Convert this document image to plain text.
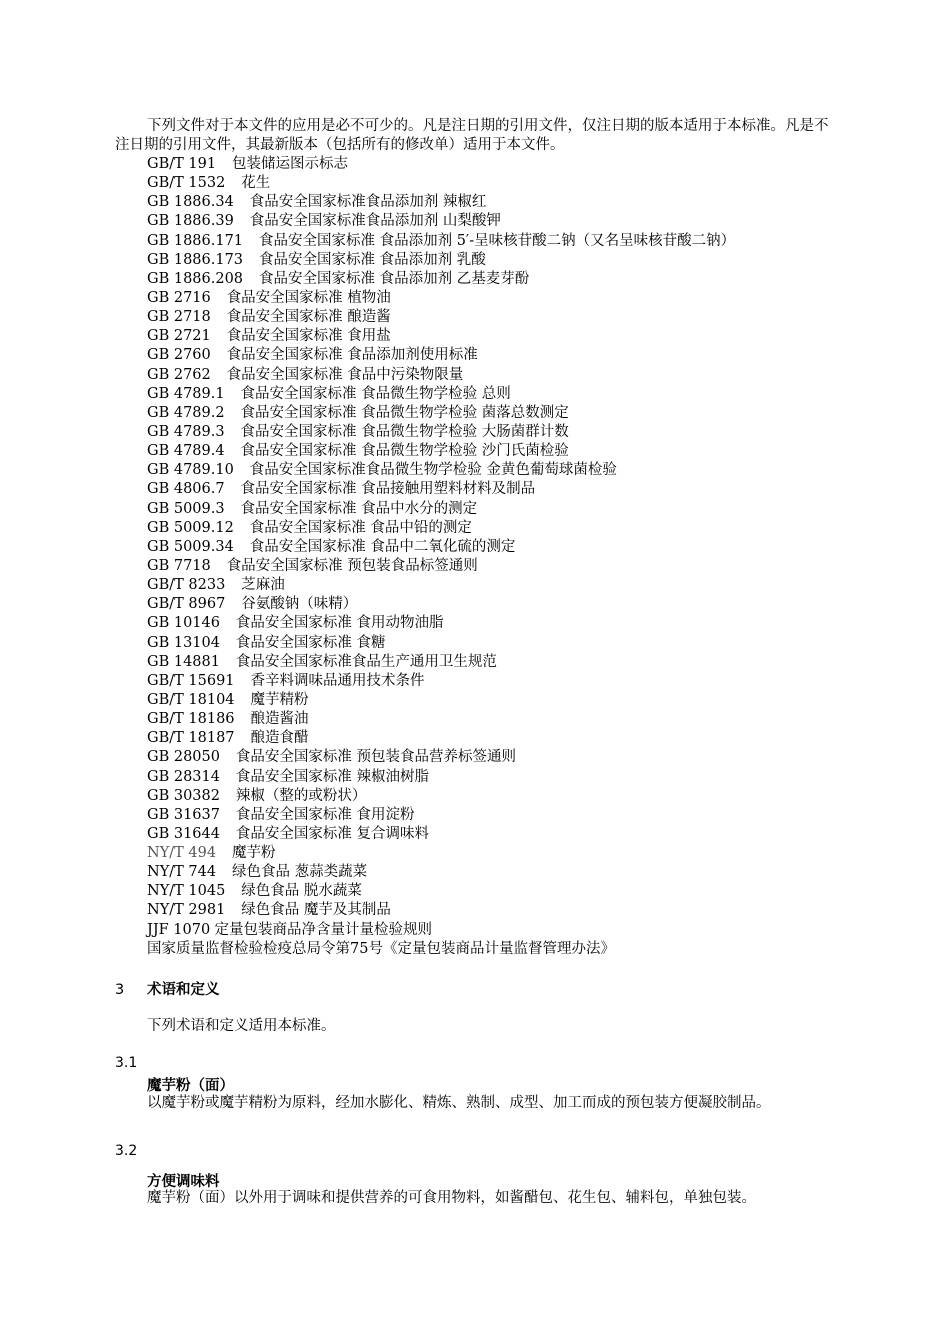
下列文件对于本文件的应用是必不可少的。凡是注日期的引用文件，仅注日期的版本适用于本标准。凡是不注日期的引用文件，其最新版本（包括所有的修改单）适用于本文件。

GB/T 191 包装储运图示标志
GB/T 1532 花生
GB 1886.34 食品安全国家标准食品添加剂 辣椒红
GB 1886.39 食品安全国家标准食品添加剂 山梨酸钾
GB 1886.171 食品安全国家标准 食品添加剂 5′-呈味核苷酸二钠（又名呈味核苷酸二钠）
GB 1886.173 食品安全国家标准 食品添加剂 乳酸
GB 1886.208 食品安全国家标准 食品添加剂 乙基麦芽酚
GB 2716 食品安全国家标准 植物油
GB 2718 食品安全国家标准 酿造酱
GB 2721 食品安全国家标准 食用盐
GB 2760 食品安全国家标准 食品添加剂使用标准
GB 2762 食品安全国家标准 食品中污染物限量
GB 4789.1 食品安全国家标准 食品微生物学检验 总则
GB 4789.2 食品安全国家标准 食品微生物学检验 菌落总数测定
GB 4789.3 食品安全国家标准 食品微生物学检验 大肠菌群计数
GB 4789.4 食品安全国家标准 食品微生物学检验 沙门氏菌检验
GB 4789.10 食品安全国家标准食品微生物学检验 金黄色葡萄球菌检验
GB 4806.7 食品安全国家标准 食品接触用塑料材料及制品
GB 5009.3 食品安全国家标准 食品中水分的测定
GB 5009.12 食品安全国家标准 食品中铅的测定
GB 5009.34 食品安全国家标准 食品中二氧化硫的测定
GB 7718 食品安全国家标准 预包装食品标签通则
GB/T 8233 芝麻油
GB/T 8967 谷氨酸钠（味精）
GB 10146 食品安全国家标准 食用动物油脂
GB 13104 食品安全国家标准 食糖
GB 14881 食品安全国家标准食品生产通用卫生规范
GB/T 15691 香辛料调味品通用技术条件
GB/T 18104 魔芋精粉
GB/T 18186 酿造酱油
GB/T 18187 酿造食醋
GB 28050 食品安全国家标准 预包装食品营养标签通则
GB 28314 食品安全国家标准 辣椒油树脂
GB 30382 辣椒（整的或粉状）
GB 31637 食品安全国家标准 食用淀粉
GB 31644 食品安全国家标准 复合调味料
NY/T 494 魔芋粉
NY/T 744 绿色食品 葱蒜类蔬菜
NY/T 1045 绿色食品 脱水蔬菜
NY/T 2981 绿色食品 魔芋及其制品
JJF 1070 定量包装商品净含量计量检验规则
国家质量监督检验检疫总局令第75号《定量包装商品计量监督管理办法》
3 术语和定义

下列术语和定义适用本标准。

3.1

魔芋粉（面）

以魔芋粉或魔芋精粉为原料，经加水膨化、精炼、熟制、成型、加工而成的预包装方便凝胶制品。

3.2

方便调味料

魔芋粉（面）以外用于调味和提供营养的可食用物料，如酱醋包、花生包、辅料包，单独包装。
